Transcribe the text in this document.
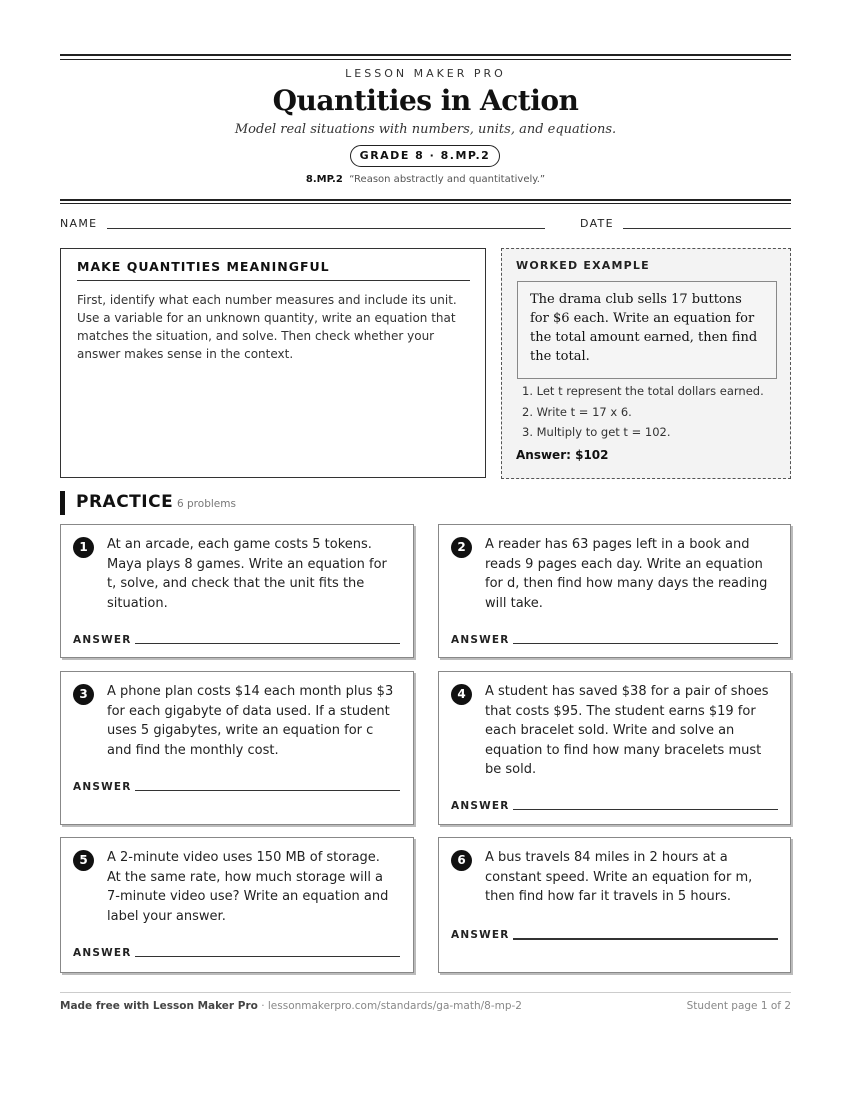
LESSON MAKER PRO
Quantities in Action
Model real situations with numbers, units, and equations.
GRADE 8 · 8.MP.2
8.MP.2 “Reason abstractly and quantitatively.”
NAME	DATE
MAKE QUANTITIES MEANINGFUL
First, identify what each number measures and include its unit. Use a variable for an unknown quantity, write an equation that matches the situation, and solve. Then check whether your answer makes sense in the context.
WORKED EXAMPLE
The drama club sells 17 buttons for $6 each. Write an equation for the total amount earned, then find the total.
1. Let t represent the total dollars earned.
2. Write t = 17 x 6.
3. Multiply to get t = 102.
Answer: $102
PRACTICE 6 problems
1	At an arcade, each game costs 5 tokens. Maya plays 8 games. Write an equation for t, solve, and check that the unit fits the situation.
ANSWER
2	A reader has 63 pages left in a book and reads 9 pages each day. Write an equation for d, then find how many days the reading will take.
ANSWER
3	A phone plan costs $14 each month plus $3 for each gigabyte of data used. If a student uses 5 gigabytes, write an equation for c and find the monthly cost.
ANSWER
4	A student has saved $38 for a pair of shoes that costs $95. The student earns $19 for each bracelet sold. Write and solve an equation to find how many bracelets must be sold.
ANSWER
5	A 2-minute video uses 150 MB of storage. At the same rate, how much storage will a 7-minute video use? Write an equation and label your answer.
ANSWER
6	A bus travels 84 miles in 2 hours at a constant speed. Write an equation for m, then find how far it travels in 5 hours.
ANSWER
Made free with Lesson Maker Pro · lessonmakerpro.com/standards/ga-math/8-mp-2	Student page 1 of 2
